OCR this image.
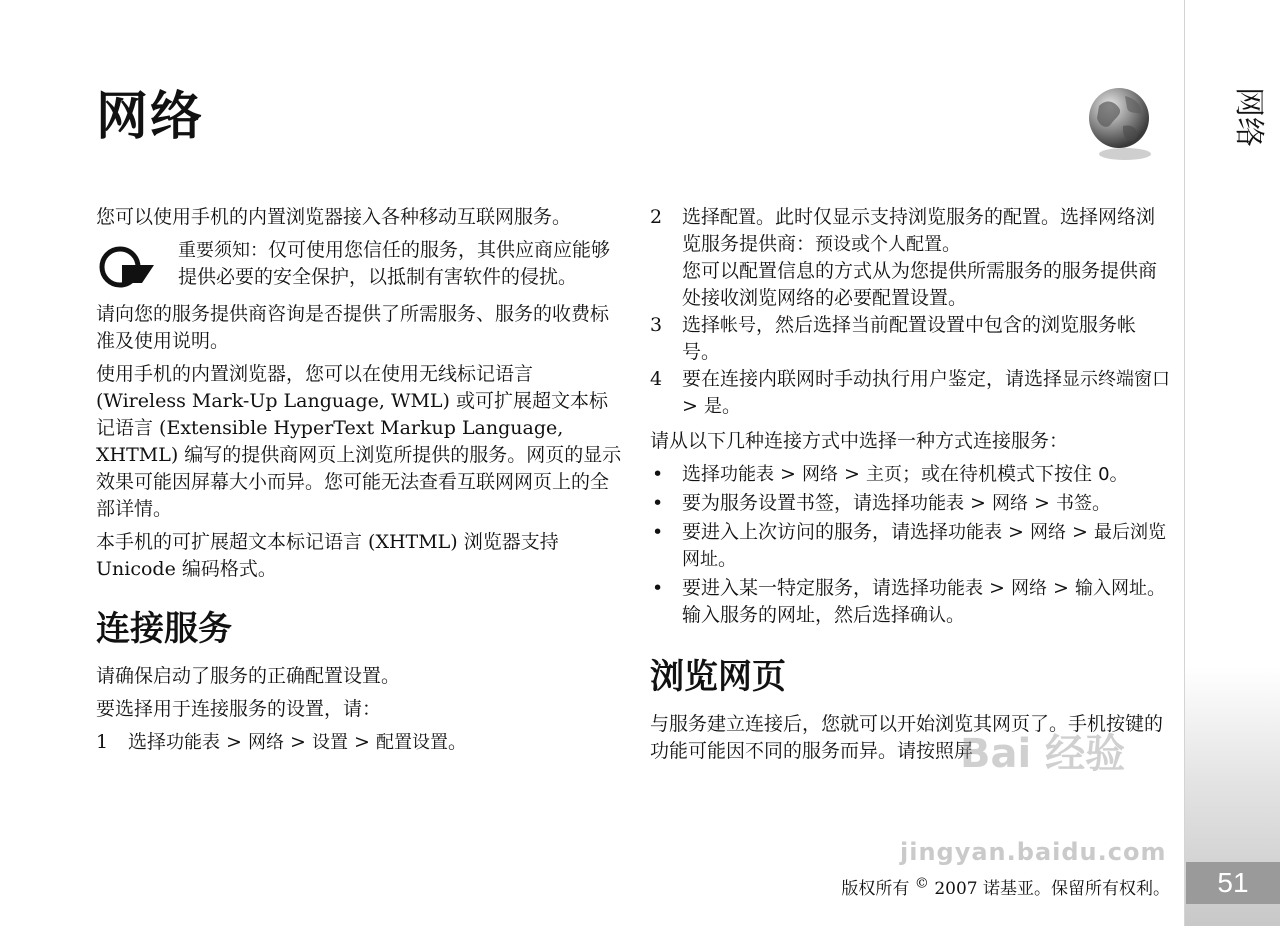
网络	网络
51

您可以使用手机的内置浏览器接入各种移动互联网服务。

重要须知：仅可使用您信任的服务，其供应商应能够提供必要的安全保护，以抵制有害软件的侵扰。

请向您的服务提供商咨询是否提供了所需服务、服务的收费标准及使用说明。

使用手机的内置浏览器，您可以在使用无线标记语言 (Wireless Mark-Up Language, WML) 或可扩展超文本标记语言 (Extensible HyperText Markup Language, XHTML) 编写的提供商网页上浏览所提供的服务。网页的显示效果可能因屏幕大小而异。您可能无法查看互联网网页上的全部详情。

本手机的可扩展超文本标记语言 (XHTML) 浏览器支持 Unicode 编码格式。

连接服务

请确保启动了服务的正确配置设置。

要选择用于连接服务的设置，请：

1 选择功能表 > 网络 > 设置 > 配置设置。
2 选择配置。此时仅显示支持浏览服务的配置。选择网络浏览服务提供商：预设或个人配置。
您可以配置信息的方式从为您提供所需服务的服务提供商处接收浏览网络的必要配置设置。
3 选择帐号，然后选择当前配置设置中包含的浏览服务帐号。
4 要在连接内联网时手动执行用户鉴定，请选择显示终端窗口 > 是。

请从以下几种连接方式中选择一种方式连接服务：

• 选择功能表 > 网络 > 主页；或在待机模式下按住 0。
• 要为服务设置书签，请选择功能表 > 网络 > 书签。
• 要进入上次访问的服务，请选择功能表 > 网络 > 最后浏览网址。
• 要进入某一特定服务，请选择功能表 > 网络 > 输入网址。输入服务的网址，然后选择确认。
浏览网页

与服务建立连接后，您就可以开始浏览其网页了。手机按键的功能可能因不同的服务而异。请按照屏

Bai 经验
jingyan.baidu.com
版权所有 © 2007 诺基亚。保留所有权利。
